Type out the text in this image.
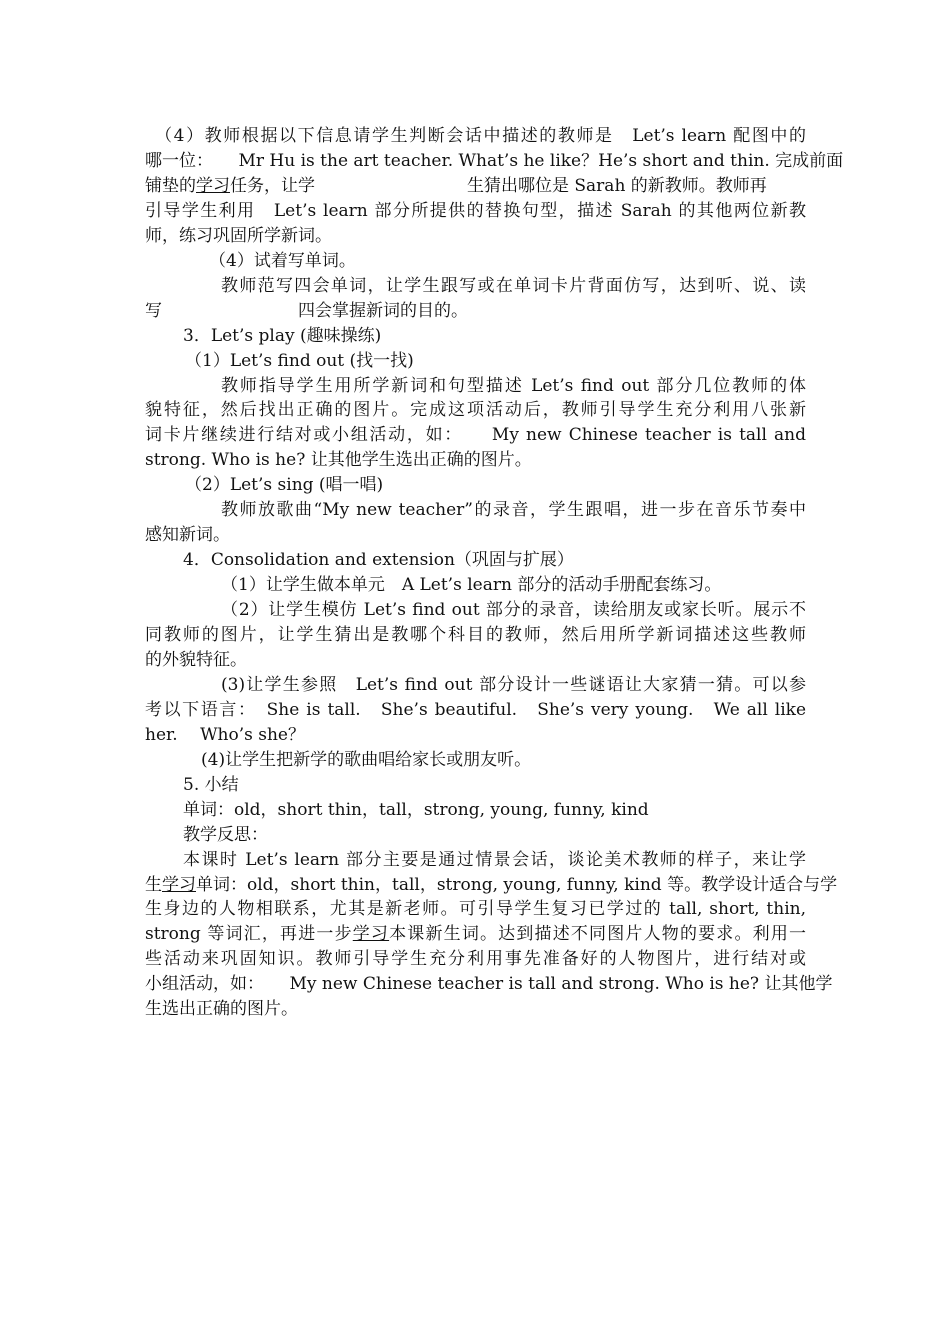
　（4）教师根据以下信息请学生判断会话中描述的教师是　Let’s learn 配图中的
哪一位：　　Mr Hu is the art teacher. What’s he like？He’s short and thin. 完成前面
铺垫的学习任务，让学	生猜出哪位是 Sarah 的新教师。教师再
引导学生利用　Let’s learn 部分所提供的替换句型，描述 Sarah 的其他两位新教
师，练习巩固所学新词。
（4）试着写单词。
教师范写四会单词，让学生跟写或在单词卡片背面仿写，达到听、说、读
写　　　　　　　　四会掌握新词的目的。
3．Let’s play (趣味操练)
（1）Let’s find out (找一找)
教师指导学生用所学新词和句型描述 Let’s find out 部分几位教师的体
貌特征，然后找出正确的图片。完成这项活动后，教师引导学生充分利用八张新
词卡片继续进行结对或小组活动，如：　　My new Chinese teacher is tall and
strong. Who is he? 让其他学生选出正确的图片。
（2）Let’s sing (唱一唱)
教师放歌曲“My new teacher”的录音，学生跟唱，进一步在音乐节奏中
感知新词。
4．Consolidation and extension（巩固与扩展）
（1）让学生做本单元　A Let’s learn 部分的活动手册配套练习。
（2）让学生模仿 Let’s find out 部分的录音，读给朋友或家长听。展示不
同教师的图片，让学生猜出是教哪个科目的教师，然后用所学新词描述这些教师
的外貌特征。
(3)让学生参照　Let’s find out 部分设计一些谜语让大家猜一猜。可以参
考以下语言：　She is tall.　She’s beautiful.　She’s very young.　We all like
her.　 Who’s she？
(4)让学生把新学的歌曲唱给家长或朋友听。
5. 小结
单词：old，short thin，tall，strong, young, funny, kind
教学反思：
本课时 Let’s learn 部分主要是通过情景会话，谈论美术教师的样子，来让学
生学习单词：old，short thin，tall，strong, young, funny, kind 等。教学设计适合与学
生身边的人物相联系，尤其是新老师。可引导学生复习已学过的 tall, short, thin,
strong 等词汇，再进一步学习本课新生词。达到描述不同图片人物的要求。利用一
些活动来巩固知识。教师引导学生充分利用事先准备好的人物图片，进行结对或
小组活动，如：　　My new Chinese teacher is tall and strong. Who is he? 让其他学
生选出正确的图片。
